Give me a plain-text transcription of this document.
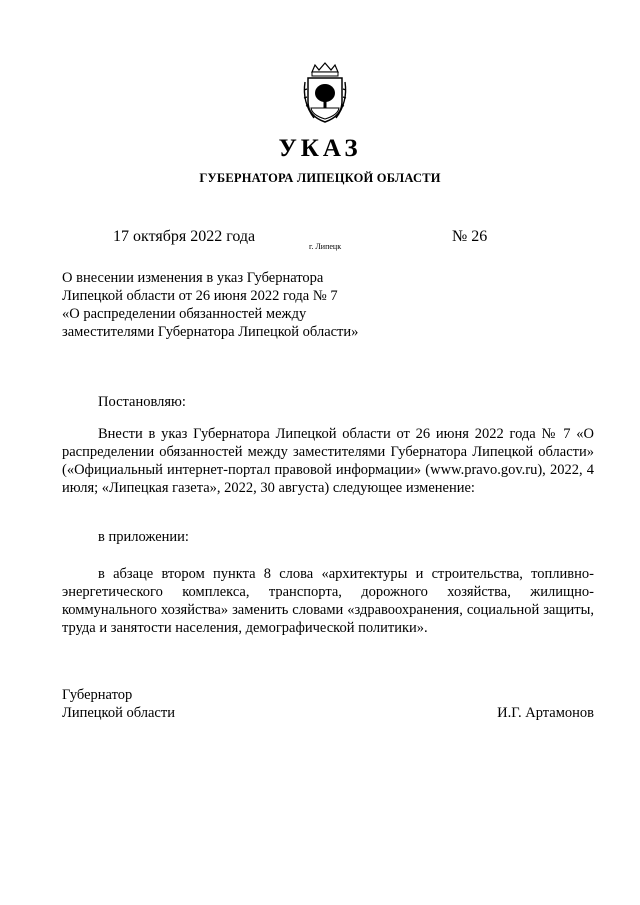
УКАЗ
ГУБЕРНАТОРА ЛИПЕЦКОЙ ОБЛАСТИ
17 октября 2022 года
г. Липецк
№ 26
О внесении изменения в указ Губернатора
Липецкой области от 26 июня 2022 года № 7
«О распределении обязанностей между
заместителями Губернатора Липецкой области»
Постановляю:
Внести в указ Губернатора Липецкой области от 26 июня 2022 года № 7 «О распределении обязанностей между заместителями Губернатора Липецкой области» («Официальный интернет-портал правовой информации» (www.pravo.gov.ru), 2022, 4 июля; «Липецкая газета», 2022, 30 августа) следующее изменение:
в приложении:
в абзаце втором пункта 8 слова «архитектуры и строительства, топливно-энергетического комплекса, транспорта, дорожного хозяйства, жилищно-коммунального хозяйства» заменить словами «здравоохранения, социальной защиты, труда и занятости населения, демографической политики».
Губернатор
Липецкой области	И.Г. Артамонов
